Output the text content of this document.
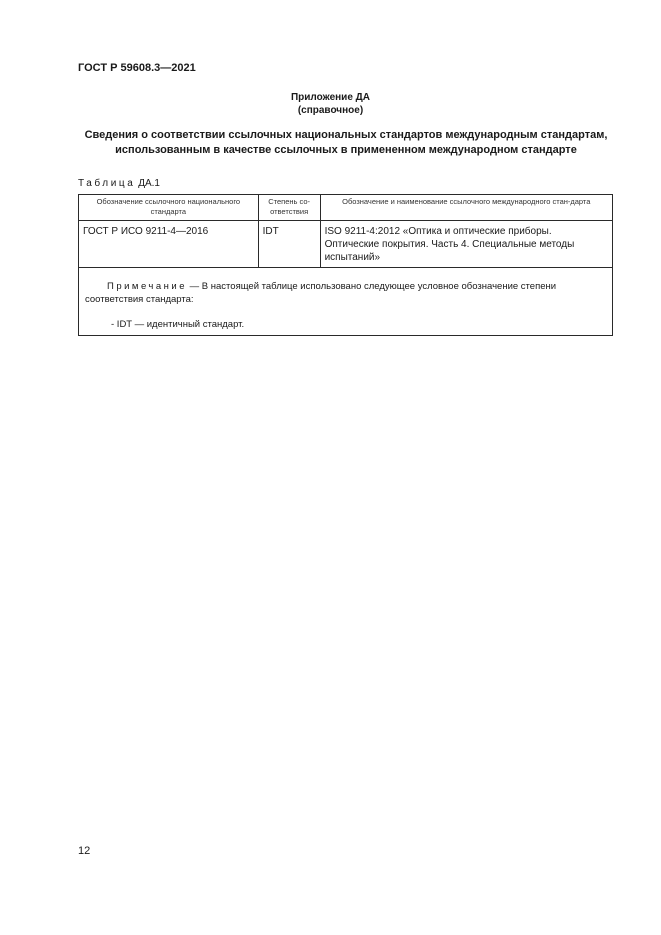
ГОСТ Р 59608.3—2021
Приложение ДА
(справочное)
Сведения о соответствии ссылочных национальных стандартов международным стандартам,
использованным в качестве ссылочных в примененном международном стандарте
Таблица ДА.1
Обозначение ссылочного национального стандарта	Степень со-ответствия	Обозначение и наименование ссылочного международного стан-дарта
ГОСТ Р ИСО 9211-4—2016	IDT	ISO 9211-4:2012 «Оптика и оптические приборы. Оптические покрытия. Часть 4. Специальные методы испытаний»

Примечание — В настоящей таблице использовано следующее условное обозначение степени соответствия стандарта:

- IDT — идентичный стандарт.		
12
